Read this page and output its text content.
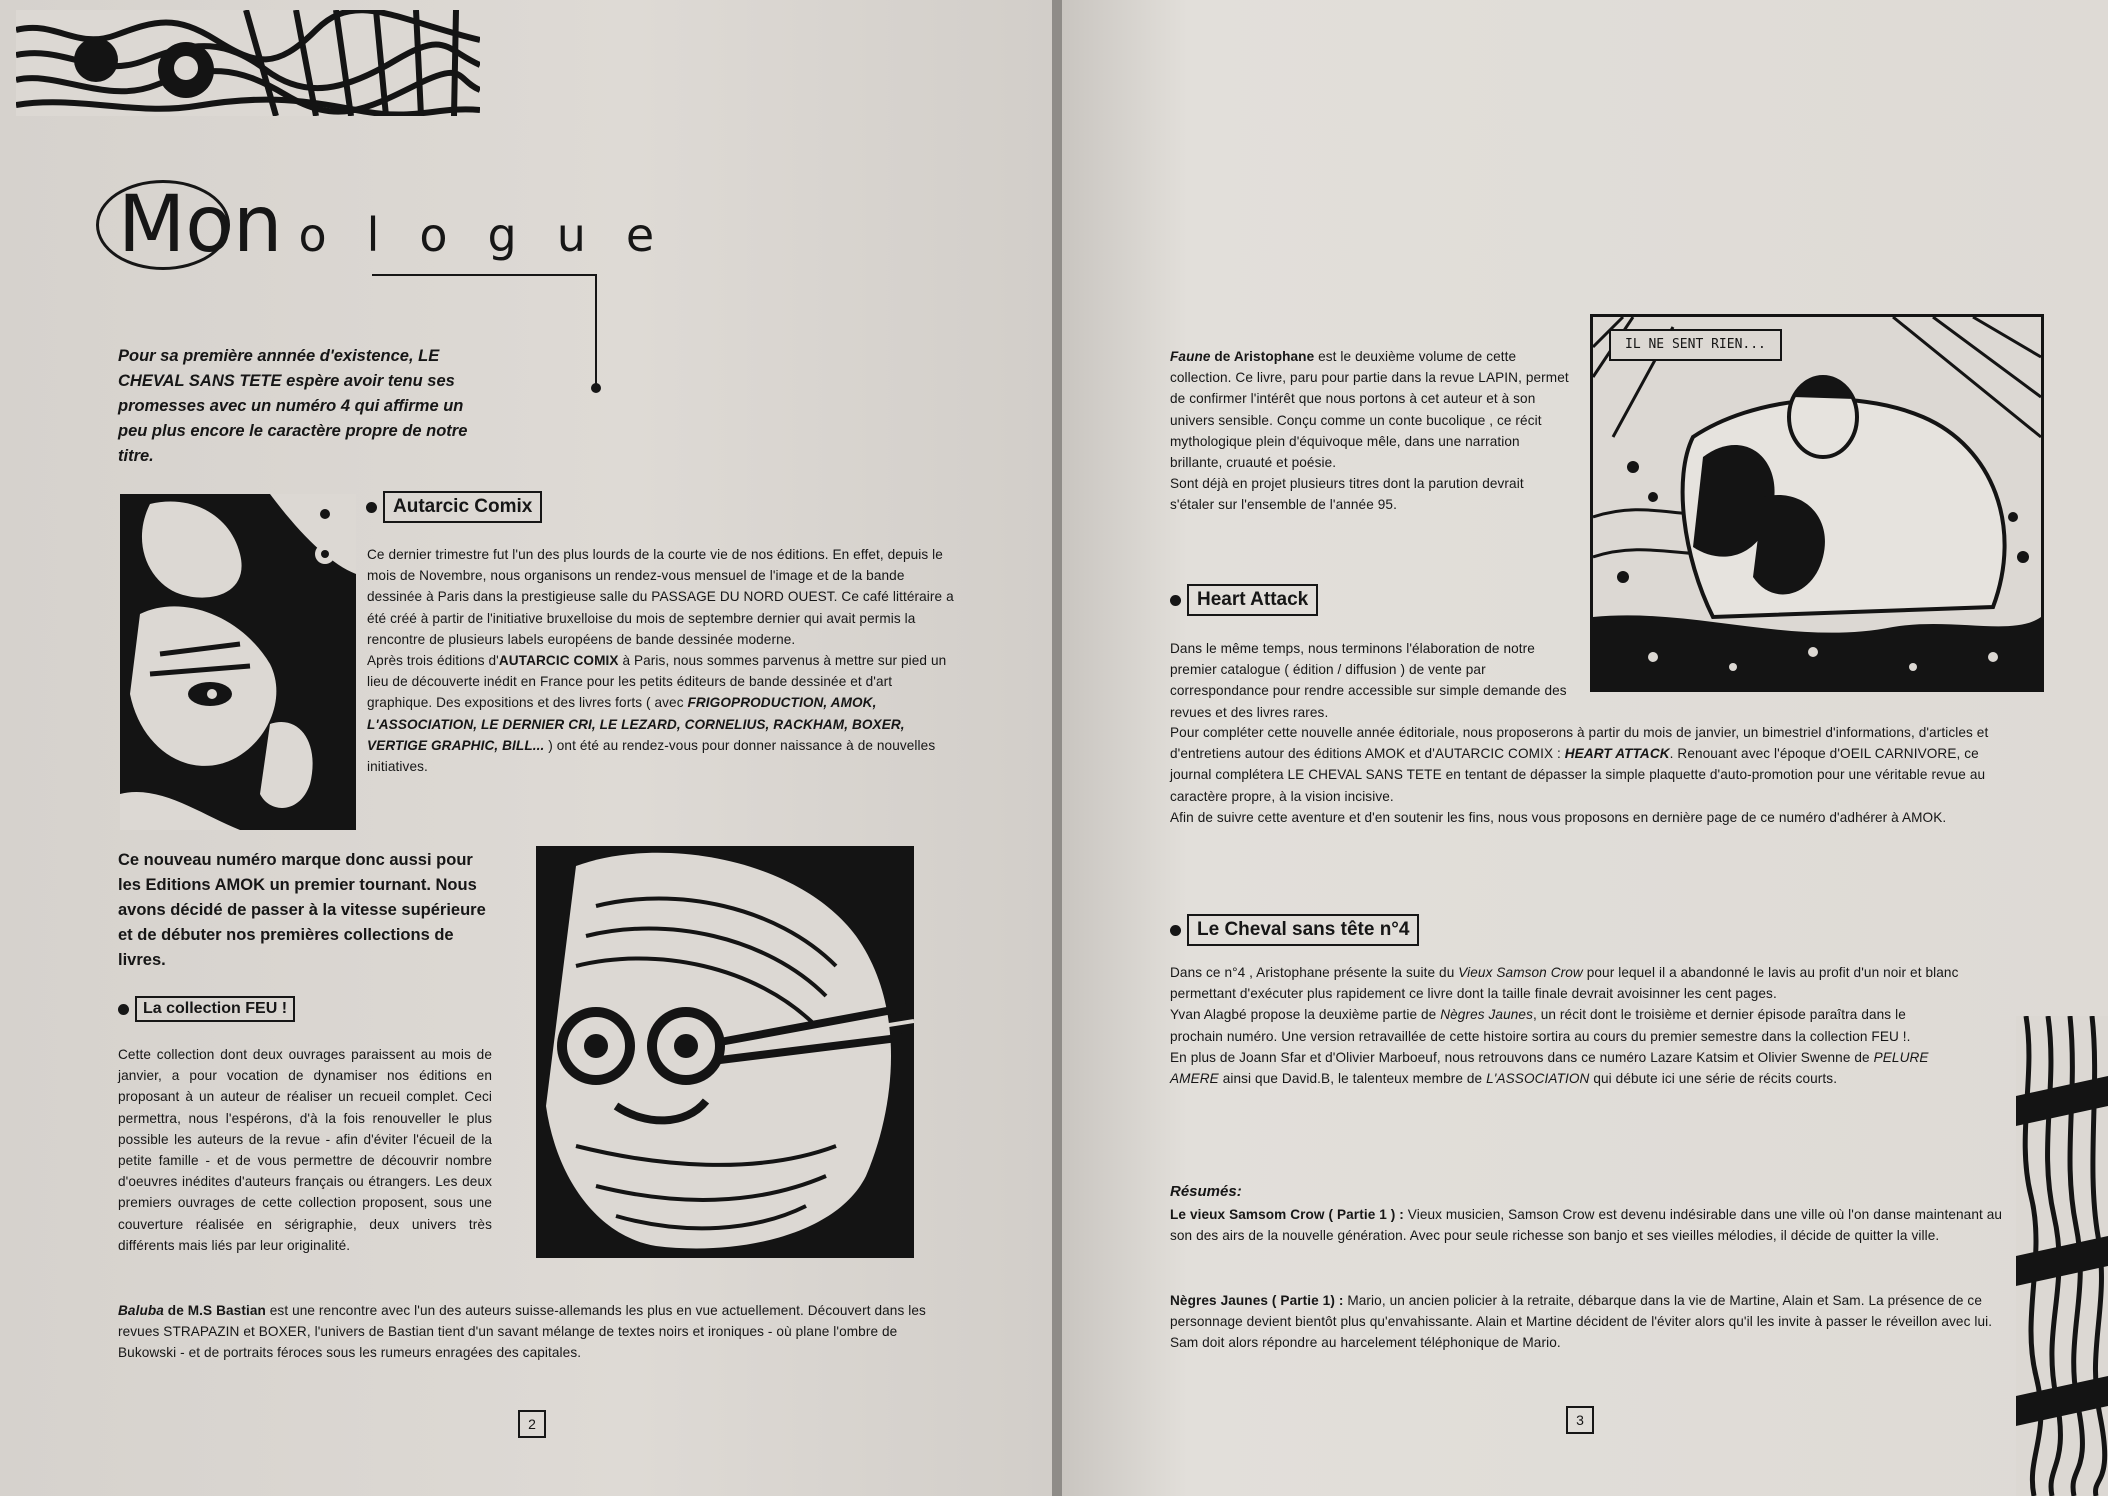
Mon ologue
Pour sa première annnée d'existence, LE CHEVAL SANS TETE espère avoir tenu ses promesses avec un numéro 4 qui affirme un peu plus encore le caractère propre de notre titre.
Autarcic Comix

Ce dernier trimestre fut l'un des plus lourds de la courte vie de nos éditions. En effet, depuis le mois de Novembre, nous organisons un rendez-vous mensuel de l'image et de la bande dessinée à Paris dans la prestigieuse salle du PASSAGE DU NORD OUEST. Ce café littéraire a été créé à partir de l'initiative bruxelloise du mois de septembre dernier qui avait permis la rencontre de plusieurs labels européens de bande dessinée moderne.

Après trois éditions d'AUTARCIC COMIX à Paris, nous sommes parvenus à mettre sur pied un lieu de découverte inédit en France pour les petits éditeurs de bande dessinée et d'art graphique. Des expositions et des livres forts ( avec FRIGOPRODUCTION, AMOK, L'ASSOCIATION, LE DERNIER CRI, LE LEZARD, CORNELIUS, RACKHAM, BOXER, VERTIGE GRAPHIC, BILL... ) ont été au rendez-vous pour donner naissance à de nouvelles initiatives.

Ce nouveau numéro marque donc aussi pour les Editions AMOK un premier tournant. Nous avons décidé de passer à la vitesse supérieure et de débuter nos premières collections de livres.
La collection FEU !
Cette collection dont deux ouvrages paraissent au mois de janvier, a pour vocation de dynamiser nos éditions en proposant à un auteur de réaliser un recueil complet. Ceci permettra, nous l'espérons, d'à la fois renouveller le plus possible les auteurs de la revue - afin d'éviter l'écueil de la petite famille - et de vous permettre de découvrir nombre d'oeuvres inédites d'auteurs français ou étrangers. Les deux premiers ouvrages de cette collection proposent, sous une couverture réalisée en sérigraphie, deux univers très différents mais liés par leur originalité.
Baluba de M.S Bastian est une rencontre avec l'un des auteurs suisse-allemands les plus en vue actuellement. Découvert dans les revues STRAPAZIN et BOXER, l'univers de Bastian tient d'un savant mélange de textes noirs et ironiques - où plane l'ombre de Bukowski - et de portraits féroces sous les rumeurs enragées des capitales.
2

Faune de Aristophane est le deuxième volume de cette collection. Ce livre, paru pour partie dans la revue LAPIN, permet de confirmer l'intérêt que nous portons à cet auteur et à son univers sensible. Conçu comme un conte bucolique , ce récit mythologique plein d'équivoque mêle, dans une narration brillante, cruauté et poésie.

Sont déjà en projet plusieurs titres dont la parution devrait s'étaler sur l'ensemble de l'année 95.

IL NE SENT RIEN...
Heart Attack
Dans le même temps, nous terminons l'élaboration de notre premier catalogue ( édition / diffusion ) de vente par correspondance pour rendre accessible sur simple demande des revues et des livres rares.

Pour compléter cette nouvelle année éditoriale, nous proposerons à partir du mois de janvier, un bimestriel d'informations, d'articles et d'entretiens autour des éditions AMOK et d'AUTARCIC COMIX : HEART ATTACK. Renouant avec l'époque d'OEIL CARNIVORE, ce journal complétera LE CHEVAL SANS TETE en tentant de dépasser la simple plaquette d'auto-promotion pour une véritable revue au caractère propre, à la vision incisive.

Afin de suivre cette aventure et d'en soutenir les fins, nous vous proposons en dernière page de ce numéro d'adhérer à AMOK.

Le Cheval sans tête n°4

Dans ce n°4 , Aristophane présente la suite du Vieux Samson Crow pour lequel il a abandonné le lavis au profit d'un noir et blanc permettant d'exécuter plus rapidement ce livre dont la taille finale devrait avoisinner les cent pages.

Yvan Alagbé propose la deuxième partie de Nègres Jaunes, un récit dont le troisième et dernier épisode paraîtra dans le prochain numéro. Une version retravaillée de cette histoire sortira au cours du premier semestre dans la collection FEU !.

En plus de Joann Sfar et d'Olivier Marboeuf, nous retrouvons dans ce numéro Lazare Katsim et Olivier Swenne de PELURE AMERE ainsi que David.B, le talenteux membre de L'ASSOCIATION qui débute ici une série de récits courts.

Résumés:
Le vieux Samsom Crow ( Partie 1 ) : Vieux musicien, Samson Crow est devenu indésirable dans une ville où l'on danse maintenant au son des airs de la nouvelle génération. Avec pour seule richesse son banjo et ses vieilles mélodies, il décide de quitter la ville.
Nègres Jaunes ( Partie 1) : Mario, un ancien policier à la retraite, débarque dans la vie de Martine, Alain et Sam. La présence de ce personnage devient bientôt plus qu'envahissante. Alain et Martine décident de l'éviter alors qu'il les invite à passer le réveillon avec lui. Sam doit alors répondre au harcelement téléphonique de Mario.
3
